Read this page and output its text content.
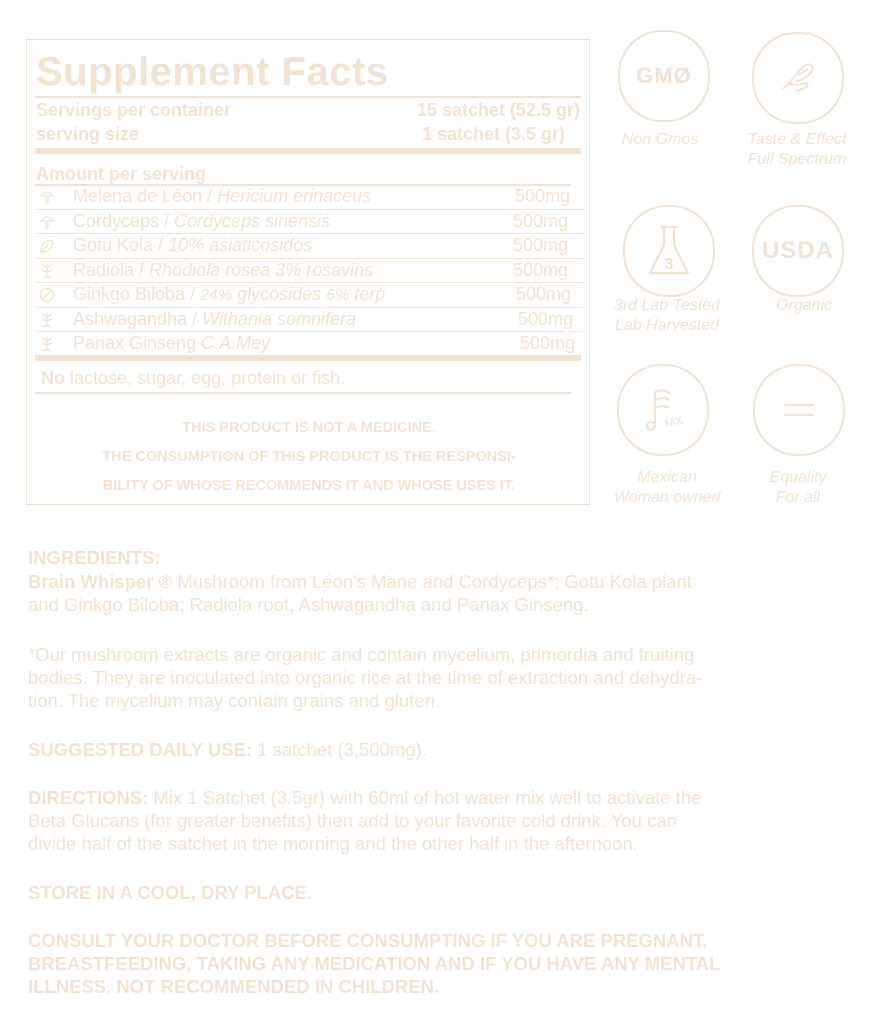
Supplement Facts
Servings per container	15 satchet (52.5 gr)
serving size	1 satchet (3.5 gr)
Amount per serving
Melena de Léon / Hericium erinaceus	500mg
Cordyceps / Cordyceps sinensis	500mg
Gotu Kola / 10% asiaticosidos	500mg
Radiola / Rhodiola rosea 3% rosavins	500mg
Ginkgo Biloba / 24% glycosides 6% terp	500mg
Ashwagandha / Withania somnifera	500mg
Panax Ginseng C.A.Mey	500mg
No lactose, sugar, egg, protein or fish.
THIS PRODUCT IS NOT A MEDICINE.
THE CONSUMPTION OF THIS PRODUCT IS THE RESPONSI-
BILITY OF WHOSE RECOMMENDS IT AND WHOSE USES IT.
GMØ
Non Gmos	Taste & Effect
Full Spectrum
3
3rd Lab Tested
Lab Harvested
USDA
Organic
MX
Mexican
Woman owned
Equality
For all
INGREDIENTS:
Brain Whisper ® Mushroom from Léon's Mane and Cordyceps*; Gotu Kola plant
and Ginkgo Biloba; Radiola root, Ashwagandha and Panax Ginseng.
*Our mushroom extracts are organic and contain mycelium, primordia and fruiting
bodies. They are inoculated into organic rice at the time of extraction and dehydra-
tion. The mycelium may contain grains and gluten.
SUGGESTED DAILY USE: 1 satchet (3,500mg).
DIRECTIONS: Mix 1 Satchet (3.5gr) with 60ml of hot water mix well to activate the
Beta Glucans (for greater benefits) then add to your favorite cold drink. You can
divide half of the satchet in the morning and the other half in the afternoon.
STORE IN A COOL, DRY PLACE.
CONSULT YOUR DOCTOR BEFORE CONSUMPTING IF YOU ARE PREGNANT,
BREASTFEEDING, TAKING ANY MEDICATION AND IF YOU HAVE ANY MENTAL
ILLNESS. NOT RECOMMENDED IN CHILDREN.
